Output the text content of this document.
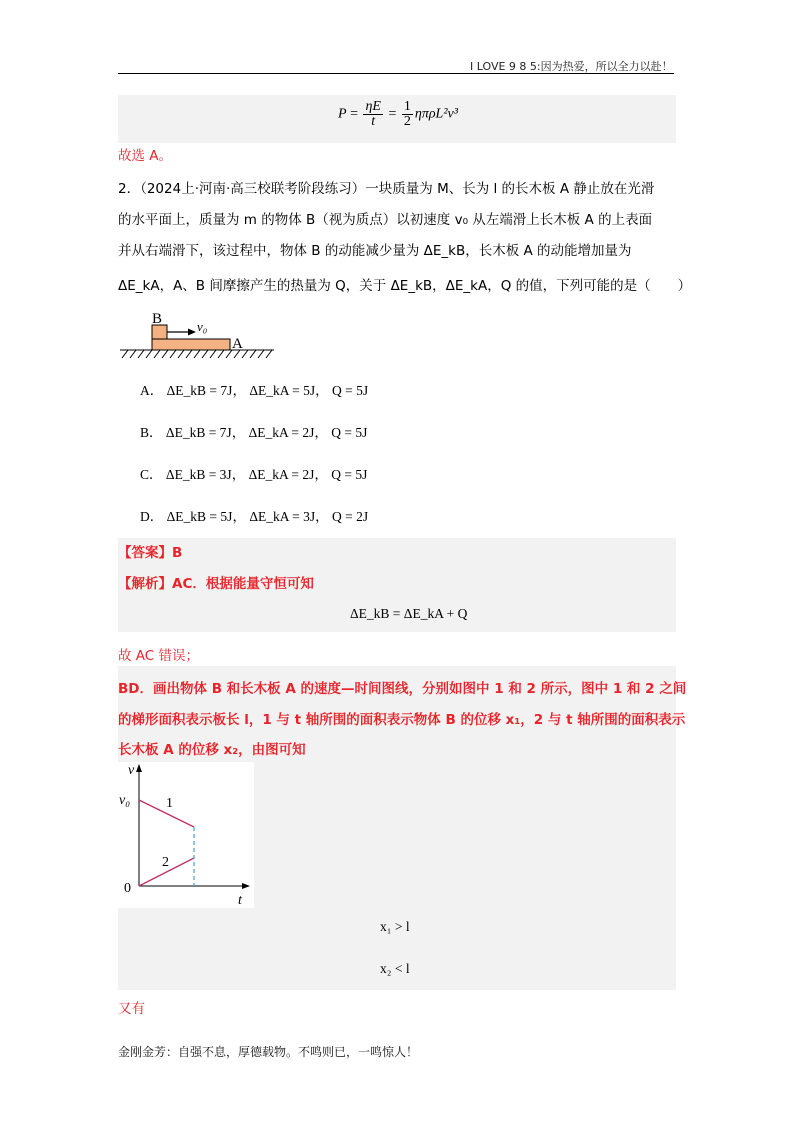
I LOVE 9 8 5:因为热爱，所以全力以赴！
$P = \frac{\eta E}{t} = \frac{1}{2} \eta\pi\rho L^2v^3$
故选 A。
2．（2024上·河南·高三校联考阶段练习）一块质量为 M、长为 l 的长木板 A 静止放在光滑
的水平面上，质量为 m 的物体 B（视为质点）以初速度 v₀ 从左端滑上长木板 A 的上表面
并从右端滑下，该过程中，物体 B 的动能减少量为 ΔE_kB，长木板 A 的动能增加量为
ΔE_kA，A、B 间摩擦产生的热量为 Q，关于 ΔE_kB，ΔE_kA，Q 的值，下列可能的是（　　）
B	v₀
A
A． ΔE_kB = 7J， ΔE_kA = 5J， Q = 5J
B． ΔE_kB = 7J， ΔE_kA = 2J， Q = 5J
C． ΔE_kB = 3J， ΔE_kA = 2J， Q = 5J
D． ΔE_kB = 5J， ΔE_kA = 3J， Q = 2J
【答案】B
【解析】AC．根据能量守恒可知
ΔE_kB = ΔE_kA + Q
故 AC 错误；
BD．画出物体 B 和长木板 A 的速度—时间图线，分别如图中 1 和 2 所示，图中 1 和 2 之间
的梯形面积表示板长 l，1 与 t 轴所围的面积表示物体 B 的位移 x₁，2 与 t 轴所围的面积表示
长木板 A 的位移 x₂，由图可知
v
t
v₀
0
1
2
x₁ > l
x₂ < l
又有
金刚金芳：自强不息，厚德载物。不鸣则已，一鸣惊人！
